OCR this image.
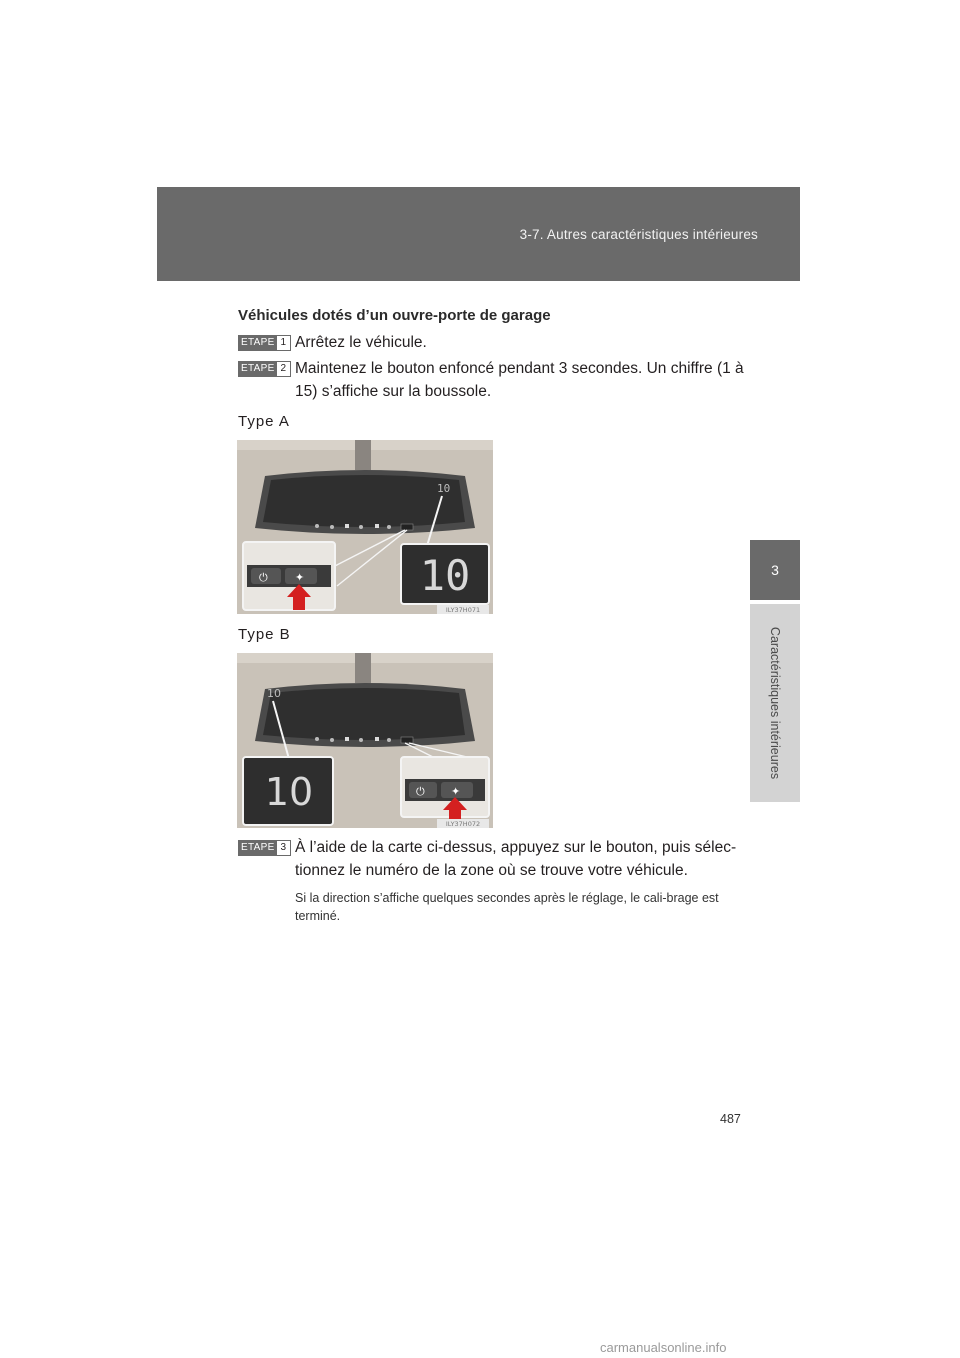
3-7. Autres caractéristiques intérieures
3
Caractéristiques intérieures
Véhicules dotés d’un ouvre-porte de garage
ETAPE 1 Arrêtez le véhicule.
ETAPE 2 Maintenez le bouton enfoncé pendant 3 secondes. Un chiffre (1 à 15) s’affiche sur la boussole.
Type A
10
⏻ ✦	10
ILY37H071
Type B
10
10	⏻ ✦
ILY37H072
ETAPE 3 À l’aide de la carte ci-dessus, appuyez sur le bouton, puis sélec-tionnez le numéro de la zone où se trouve votre véhicule.
Si la direction s’affiche quelques secondes après le réglage, le cali-brage est terminé.
487
carmanualsonline.info
